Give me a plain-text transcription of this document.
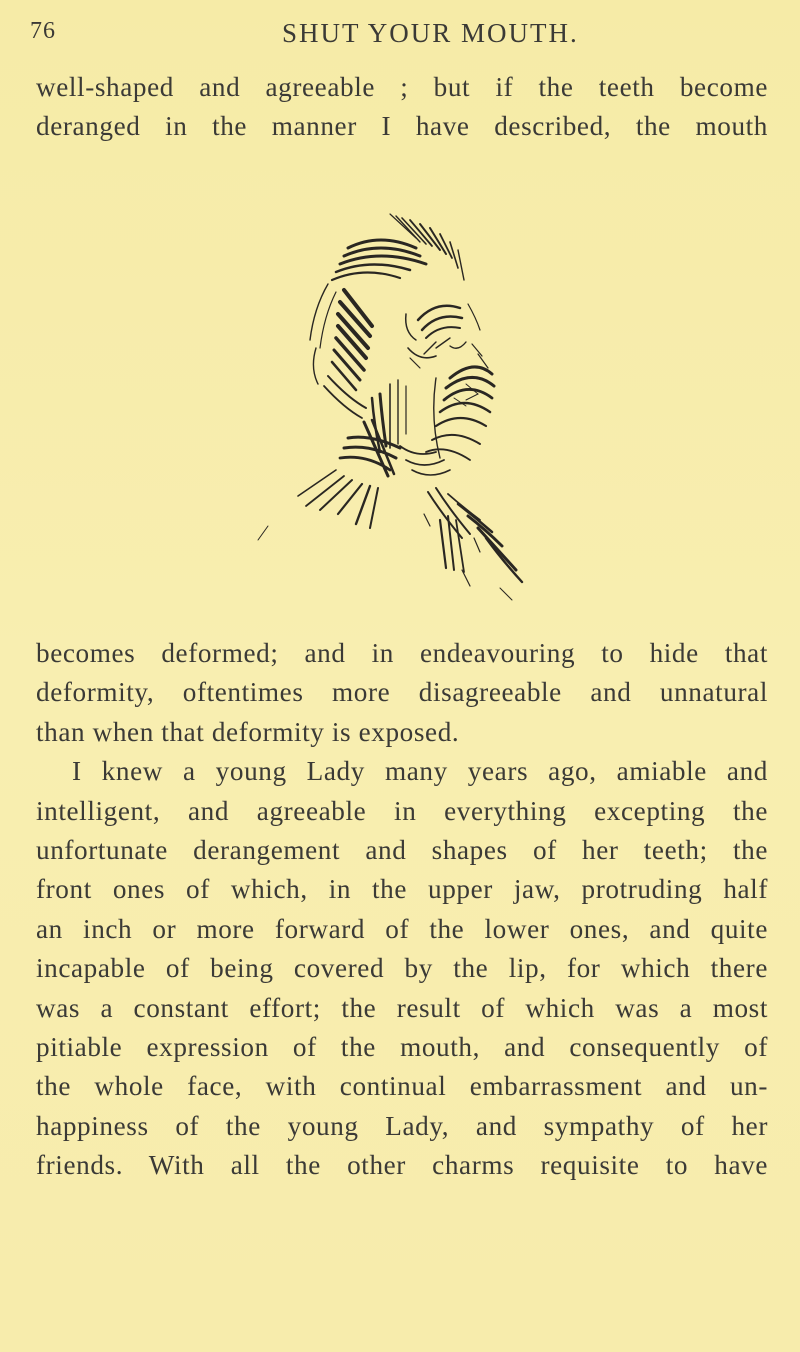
76	SHUT YOUR MOUTH.

well-shaped and agreeable ; but if the teeth become
deranged in the manner I have described, the mouth

becomes deformed; and in endeavouring to hide that
deformity, oftentimes more disagreeable and unnatural
than when that deformity is exposed.

I knew a young Lady many years ago, amiable and
intelligent, and agreeable in everything excepting the
unfortunate derangement and shapes of her teeth; the
front ones of which, in the upper jaw, protruding half
an inch or more forward of the lower ones, and quite
incapable of being covered by the lip, for which there
was a constant effort; the result of which was a most
pitiable expression of the mouth, and consequently of
the whole face, with continual embarrassment and un-
happiness of the young Lady, and sympathy of her
friends. With all the other charms requisite to have
